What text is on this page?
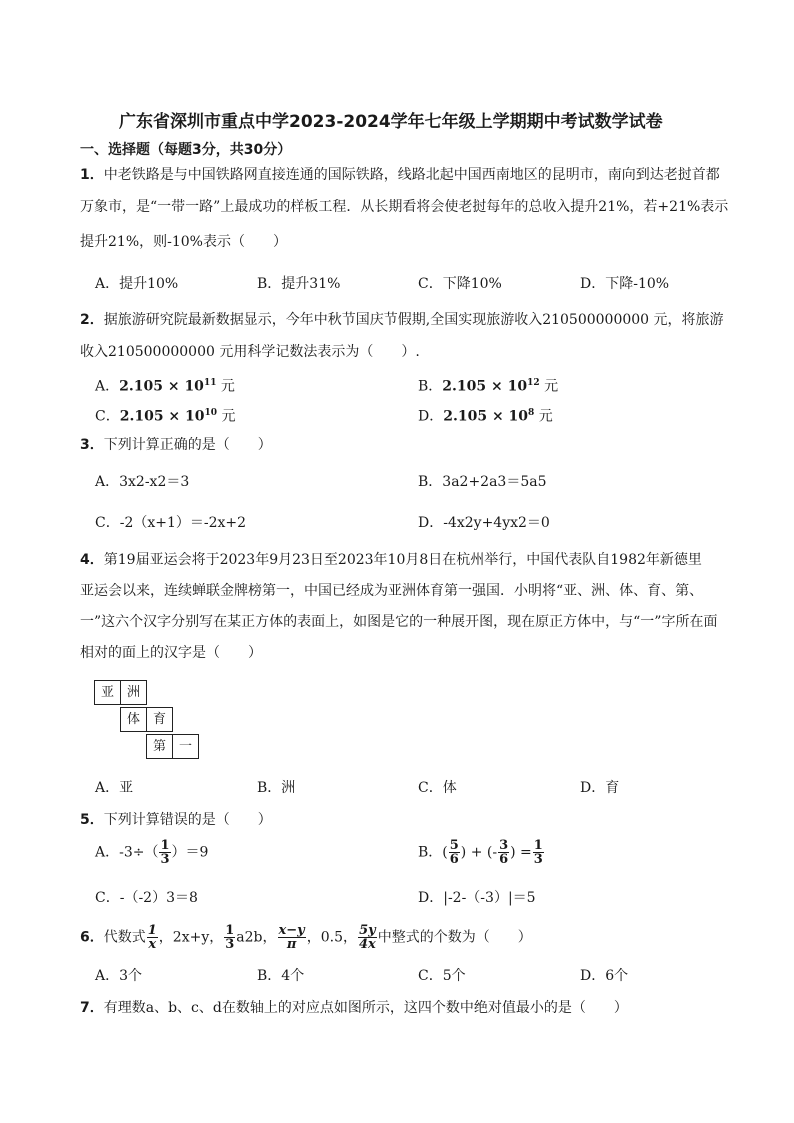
广东省深圳市重点中学2023-2024学年七年级上学期期中考试数学试卷
一、选择题（每题3分，共30分）
1．中老铁路是与中国铁路网直接连通的国际铁路，线路北起中国西南地区的昆明市，南向到达老挝首都
万象市，是“一带一路”上最成功的样板工程．从长期看将会使老挝每年的总收入提升21%，若+21%表示
提升21%，则-10%表示（　　）
A．提升10%	B．提升31%	C．下降10%	D．下降-10%
2．据旅游研究院最新数据显示，今年中秋节国庆节假期,全国实现旅游收入210500000000 元，将旅游
收入210500000000 元用科学记数法表示为（　　）.
A．$2.105 \times 10^{11}$ 元	B．$2.105 \times 10^{12}$ 元
C．$2.105 \times 10^{10}$ 元	D．$2.105 \times 10^8$ 元
3．下列计算正确的是（　　）
A．3x2-x2＝3	B．3a2+2a3＝5a5
C．-2（x+1）＝-2x+2	D．-4x2y+4yx2＝0
4．第19届亚运会将于2023年9月23日至2023年10月8日在杭州举行，中国代表队自1982年新德里
亚运会以来，连续蝉联金牌榜第一，中国已经成为亚洲体育第一强国．小明将“亚、洲、体、育、第、
一”这六个汉字分别写在某正方体的表面上，如图是它的一种展开图，现在原正方体中，与“一”字所在面
相对的面上的汉字是（　　）
亚 洲
体 育
第 一
A．亚	B．洲	C．体	D．育
5．下列计算错误的是（　　）
A．$-3\div( \frac{1}{3} )=9$	B．( $\frac{5}{6}$ ) + (- $\frac{3}{6}$ ) = $\frac{1}{3}$
C．-（-2）3＝8	D．|-2-（-3）|＝5
6．代数式 $\frac{1}{x}$ ，2x+y， $\frac{1}{3} a2b$， $\frac{x-y}{\pi}$ ，0.5， $\frac{5y}{4x}$ 中整式的个数为（　　）
A．3个	B．4个	C．5个	D．6个
7．有理数a、b、c、d在数轴上的对应点如图所示，这四个数中绝对值最小的是（　　）
